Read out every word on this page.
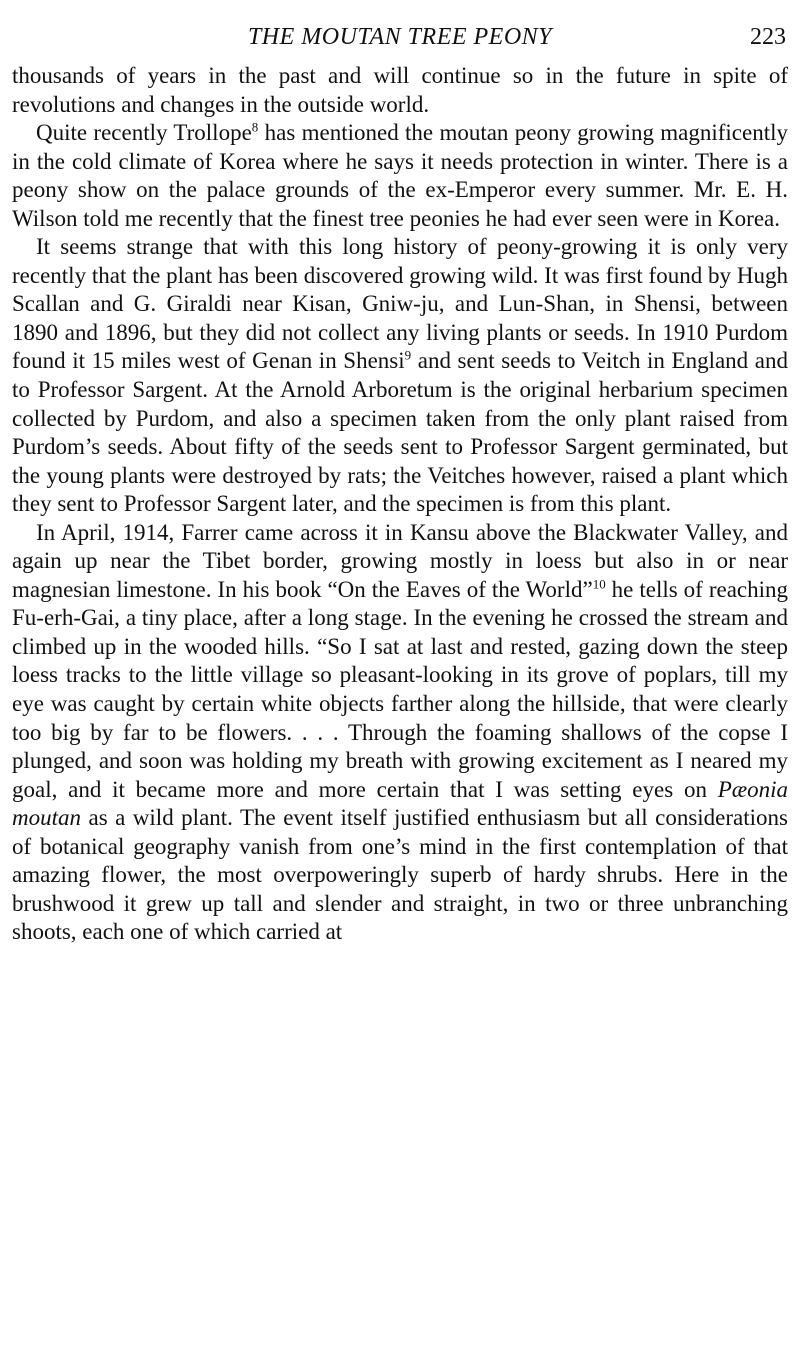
THE MOUTAN TREE PEONY	223

thousands of years in the past and will continue so in the future in spite of revolutions and changes in the outside world.

Quite recently Trollope$^8$ has mentioned the moutan peony growing magnificently in the cold climate of Korea where he says it needs protection in winter. There is a peony show on the palace grounds of the ex-Emperor every summer. Mr. E. H. Wilson told me recently that the finest tree peonies he had ever seen were in Korea.

It seems strange that with this long history of peony-growing it is only very recently that the plant has been discovered growing wild. It was first found by Hugh Scallan and G. Giraldi near Kisan, Gniw-ju, and Lun-Shan, in Shensi, between 1890 and 1896, but they did not collect any living plants or seeds. In 1910 Purdom found it 15 miles west of Genan in Shensi$^9$ and sent seeds to Veitch in England and to Professor Sargent. At the Arnold Arboretum is the original herbarium specimen collected by Purdom, and also a specimen taken from the only plant raised from Purdom’s seeds. About fifty of the seeds sent to Professor Sargent germinated, but the young plants were destroyed by rats; the Veitches however, raised a plant which they sent to Professor Sargent later, and the specimen is from this plant.

In April, 1914, Farrer came across it in Kansu above the Blackwater Valley, and again up near the Tibet border, growing mostly in loess but also in or near magnesian limestone. In his book “On the Eaves of the World”$^{10}$ he tells of reaching Fu-erh-Gai, a tiny place, after a long stage. In the evening he crossed the stream and climbed up in the wooded hills. “So I sat at last and rested, gazing down the steep loess tracks to the little village so pleasant-looking in its grove of poplars, till my eye was caught by certain white objects farther along the hillside, that were clearly too big by far to be flowers. . . . Through the foaming shallows of the copse I plunged, and soon was holding my breath with growing excitement as I neared my goal, and it became more and more certain that I was setting eyes on Pæonia moutan as a wild plant. The event itself justified enthusiasm but all considerations of botanical geography vanish from one’s mind in the first contemplation of that amazing flower, the most overpoweringly superb of hardy shrubs. Here in the brushwood it grew up tall and slender and straight, in two or three unbranching shoots, each one of which carried at
